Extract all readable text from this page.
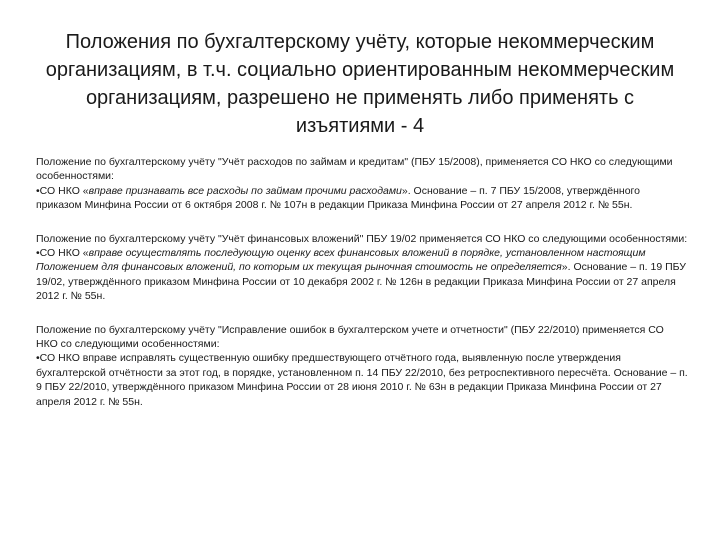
Положения по бухгалтерскому учёту, которые некоммерческим организациям, в т.ч. социально ориентированным некоммерческим организациям, разрешено не применять либо применять с изъятиями - 4

Положение по бухгалтерскому учёту "Учёт расходов по займам и кредитам" (ПБУ 15/2008), применяется СО НКО со следующими особенностями:

•СО НКО «вправе признавать все расходы по займам прочими расходами». Основание – п. 7 ПБУ 15/2008, утверждённого приказом Минфина России от 6 октября 2008 г. № 107н в редакции Приказа Минфина России от 27 апреля 2012 г. № 55н.

Положение по бухгалтерскому учёту "Учёт финансовых вложений" ПБУ 19/02 применяется СО НКО со следующими особенностями:

•СО НКО «вправе осуществлять последующую оценку всех финансовых вложений в порядке, установленном настоящим Положением для финансовых вложений, по которым их текущая рыночная стоимость не определяется». Основание – п. 19 ПБУ 19/02, утверждённого приказом Минфина России от 10 декабря 2002 г. № 126н в редакции Приказа Минфина России от 27 апреля 2012 г. № 55н.

Положение по бухгалтерскому учёту "Исправление ошибок в бухгалтерском учете и отчетности" (ПБУ 22/2010) применяется СО НКО со следующими особенностями:

•СО НКО вправе исправлять существенную ошибку предшествующего отчётного года, выявленную после утверждения бухгалтерской отчётности за этот год, в порядке, установленном п. 14 ПБУ 22/2010, без ретроспективного пересчёта. Основание – п. 9 ПБУ 22/2010, утверждённого приказом Минфина России от 28 июня 2010 г. № 63н в редакции Приказа Минфина России от 27 апреля 2012 г. № 55н.
